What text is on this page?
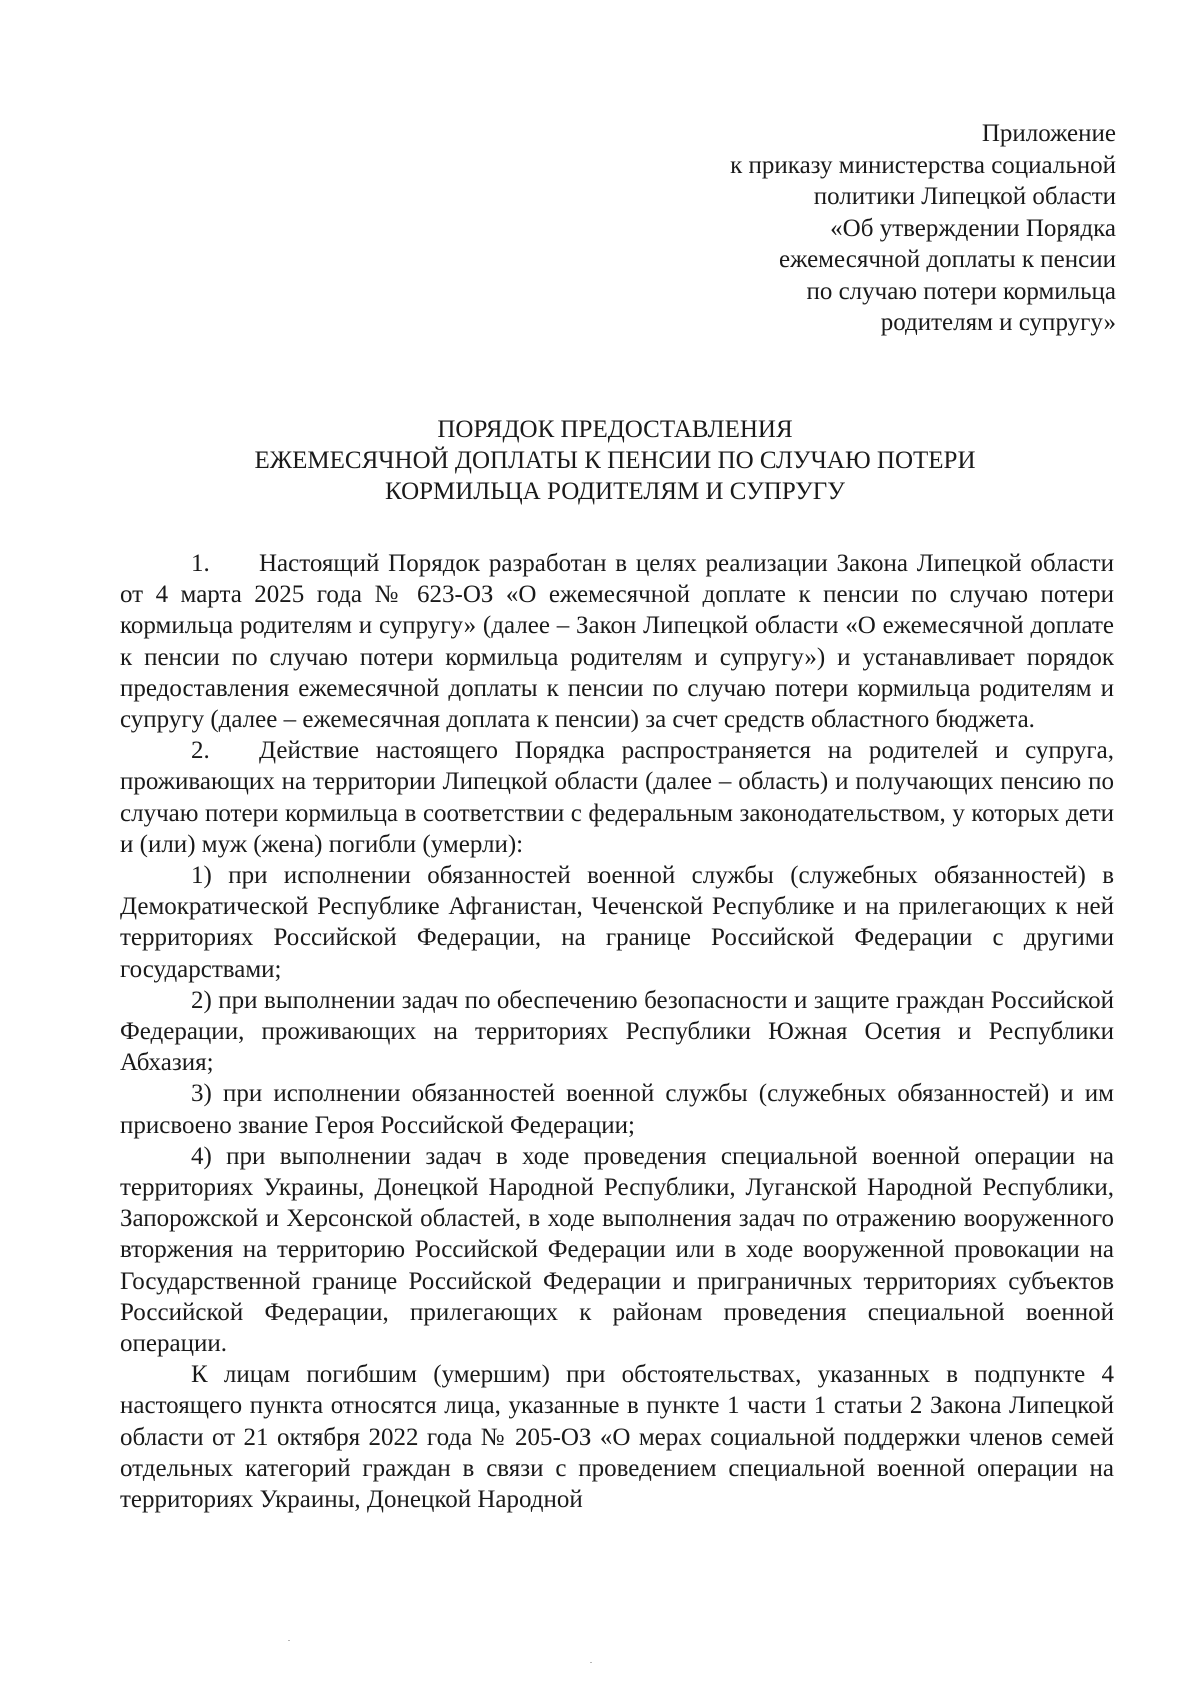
Приложение
к приказу министерства социальной
политики Липецкой области
«Об утверждении Порядка
ежемесячной доплаты к пенсии
по случаю потери кормильца
родителям и супругу»
ПОРЯДОК ПРЕДОСТАВЛЕНИЯ
ЕЖЕМЕСЯЧНОЙ ДОПЛАТЫ К ПЕНСИИ ПО СЛУЧАЮ ПОТЕРИ
КОРМИЛЬЦА РОДИТЕЛЯМ И СУПРУГУ

1. Настоящий Порядок разработан в целях реализации Закона Липецкой области от 4 марта 2025 года № 623-ОЗ «О ежемесячной доплате к пенсии по случаю потери кормильца родителям и супругу» (далее – Закон Липецкой области «О ежемесячной доплате к пенсии по случаю потери кормильца родителям и супругу») и устанавливает порядок предоставления ежемесячной доплаты к пенсии по случаю потери кормильца родителям и супругу (далее – ежемесячная доплата к пенсии) за счет средств областного бюджета.

2. Действие настоящего Порядка распространяется на родителей и супруга, проживающих на территории Липецкой области (далее – область) и получающих пенсию по случаю потери кормильца в соответствии с федеральным законодательством, у которых дети и (или) муж (жена) погибли (умерли):

1) при исполнении обязанностей военной службы (служебных обязанностей) в Демократической Республике Афганистан, Чеченской Республике и на прилегающих к ней территориях Российской Федерации, на границе Российской Федерации с другими государствами;

2) при выполнении задач по обеспечению безопасности и защите граждан Российской Федерации, проживающих на территориях Республики Южная Осетия и Республики Абхазия;

3) при исполнении обязанностей военной службы (служебных обязанностей) и им присвоено звание Героя Российской Федерации;

4) при выполнении задач в ходе проведения специальной военной операции на территориях Украины, Донецкой Народной Республики, Луганской Народной Республики, Запорожской и Херсонской областей, в ходе выполнения задач по отражению вооруженного вторжения на территорию Российской Федерации или в ходе вооруженной провокации на Государственной границе Российской Федерации и приграничных территориях субъектов Российской Федерации, прилегающих к районам проведения специальной военной операции.

К лицам погибшим (умершим) при обстоятельствах, указанных в подпункте 4 настоящего пункта относятся лица, указанные в пункте 1 части 1 статьи 2 Закона Липецкой области от 21 октября 2022 года № 205-ОЗ «О мерах социальной поддержки членов семей отдельных категорий граждан в связи с проведением специальной военной операции на территориях Украины, Донецкой Народной
